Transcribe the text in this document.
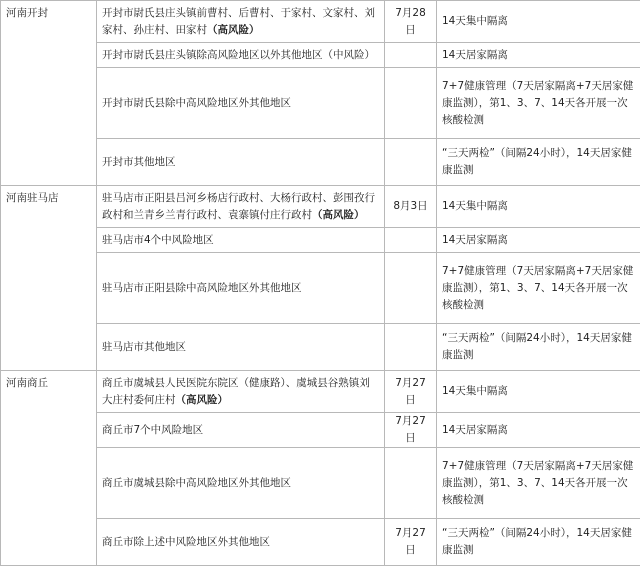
河南开封	开封市尉氏县庄头镇前曹村、后曹村、于家村、文家村、刘家村、孙庄村、田家村（高风险）	7月28日	14天集中隔离
	开封市尉氏县庄头镇除高风险地区以外其他地区（中风险）		14天居家隔离
	开封市尉氏县除中高风险地区外其他地区		7+7健康管理（7天居家隔离+7天居家健康监测），第1、3、7、14天各开展一次核酸检测
	开封市其他地区		“三天两检”（间隔24小时），14天居家健康监测
河南驻马店	驻马店市正阳县吕河乡杨店行政村、大杨行政村、彭围孜行政村和兰青乡兰青行政村、袁寨镇付庄行政村（高风险）	8月3日	14天集中隔离
	驻马店市4个中风险地区		14天居家隔离
	驻马店市正阳县除中高风险地区外其他地区		7+7健康管理（7天居家隔离+7天居家健康监测），第1、3、7、14天各开展一次核酸检测
	驻马店市其他地区		“三天两检”（间隔24小时），14天居家健康监测
河南商丘	商丘市虞城县人民医院东院区（健康路）、虞城县谷熟镇刘大庄村委何庄村（高风险）	7月27日	14天集中隔离
	商丘市7个中风险地区	7月27日	14天居家隔离
	商丘市虞城县除中高风险地区外其他地区		7+7健康管理（7天居家隔离+7天居家健康监测），第1、3、7、14天各开展一次核酸检测
	商丘市除上述中风险地区外其他地区	7月27日	“三天两检”（间隔24小时），14天居家健康监测
